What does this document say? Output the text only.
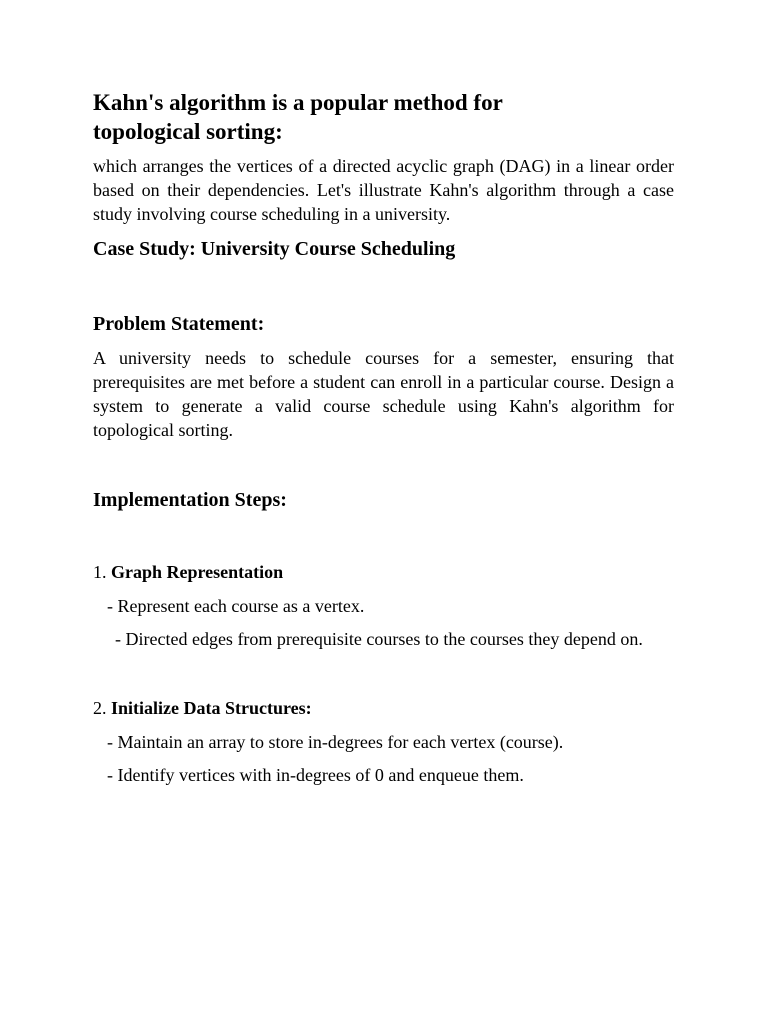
Kahn's algorithm is a popular method for topological sorting:

which arranges the vertices of a directed acyclic graph (DAG) in a linear order based on their dependencies. Let's illustrate Kahn's algorithm through a case study involving course scheduling in a university.

Case Study: University Course Scheduling
Problem Statement:

A university needs to schedule courses for a semester, ensuring that prerequisites are met before a student can enroll in a particular course. Design a system to generate a valid course schedule using Kahn's algorithm for topological sorting.

Implementation Steps:

1. Graph Representation

- Represent each course as a vertex.

- Directed edges from prerequisite courses to the courses they depend on.

2. Initialize Data Structures:

- Maintain an array to store in-degrees for each vertex (course).

- Identify vertices with in-degrees of 0 and enqueue them.
